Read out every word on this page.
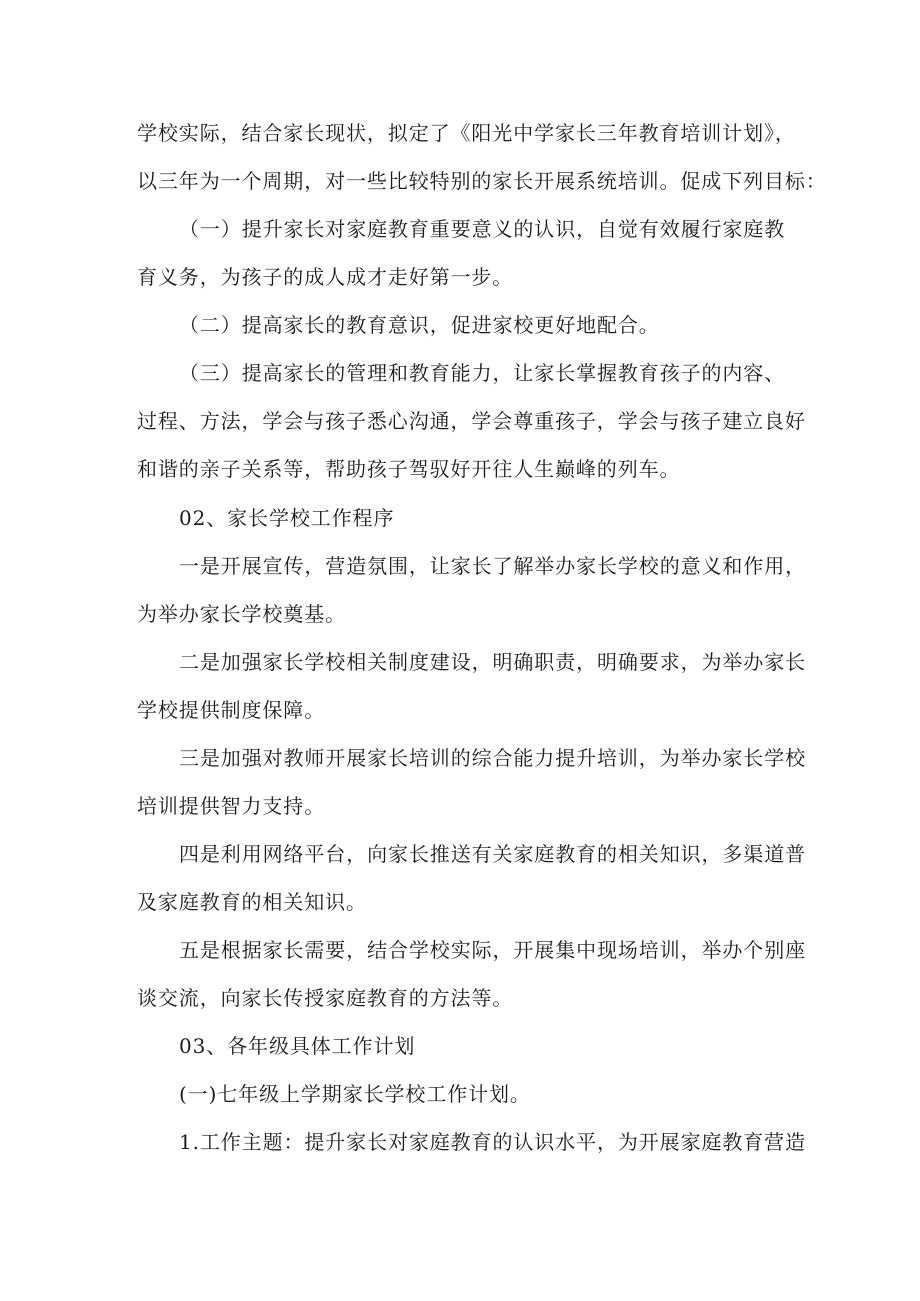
学校实际，结合家长现状，拟定了《阳光中学家长三年教育培训计划》，

以三年为一个周期，对一些比较特别的家长开展系统培训。促成下列目标：

（一）提升家长对家庭教育重要意义的认识，自觉有效履行家庭教

育义务，为孩子的成人成才走好第一步。

（二）提高家长的教育意识，促进家校更好地配合。

（三）提高家长的管理和教育能力，让家长掌握教育孩子的内容、

过程、方法，学会与孩子悉心沟通，学会尊重孩子，学会与孩子建立良好

和谐的亲子关系等，帮助孩子驾驭好开往人生巅峰的列车。

02、家长学校工作程序

一是开展宣传，营造氛围，让家长了解举办家长学校的意义和作用，

为举办家长学校奠基。

二是加强家长学校相关制度建设，明确职责，明确要求，为举办家长

学校提供制度保障。

三是加强对教师开展家长培训的综合能力提升培训，为举办家长学校

培训提供智力支持。

四是利用网络平台，向家长推送有关家庭教育的相关知识，多渠道普

及家庭教育的相关知识。

五是根据家长需要，结合学校实际，开展集中现场培训，举办个别座

谈交流，向家长传授家庭教育的方法等。

03、各年级具体工作计划

(一)七年级上学期家长学校工作计划。

1.工作主题：提升家长对家庭教育的认识水平，为开展家庭教育营造
